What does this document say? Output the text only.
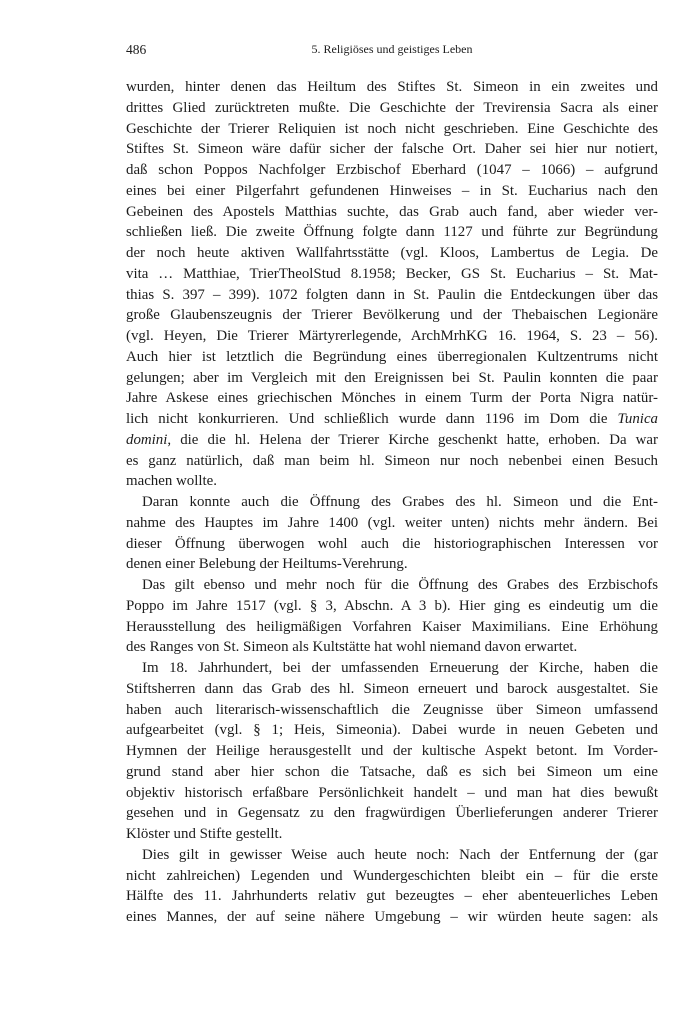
486	5. Religiöses und geistiges Leben

wurden, hinter denen das Heiltum des Stiftes St. Simeon in ein zweites und
drittes Glied zurücktreten mußte. Die Geschichte der Trevirensia Sacra als einer
Geschichte der Trierer Reliquien ist noch nicht geschrieben. Eine Geschichte des
Stiftes St. Simeon wäre dafür sicher der falsche Ort. Daher sei hier nur notiert,
daß schon Poppos Nachfolger Erzbischof Eberhard (1047 – 1066) – aufgrund
eines bei einer Pilgerfahrt gefundenen Hinweises – in St. Eucharius nach den
Gebeinen des Apostels Matthias suchte, das Grab auch fand, aber wieder ver-
schließen ließ. Die zweite Öffnung folgte dann 1127 und führte zur Begründung
der noch heute aktiven Wallfahrtsstätte (vgl. Kloos, Lambertus de Legia. De
vita … Matthiae, TrierTheolStud 8.1958; Becker, GS St. Eucharius – St. Mat-
thias S. 397 – 399). 1072 folgten dann in St. Paulin die Entdeckungen über das
große Glaubenszeugnis der Trierer Bevölkerung und der Thebaischen Legionäre
(vgl. Heyen, Die Trierer Märtyrerlegende, ArchMrhKG 16. 1964, S. 23 – 56).
Auch hier ist letztlich die Begründung eines überregionalen Kultzentrums nicht
gelungen; aber im Vergleich mit den Ereignissen bei St. Paulin konnten die paar
Jahre Askese eines griechischen Mönches in einem Turm der Porta Nigra natür-
lich nicht konkurrieren. Und schließlich wurde dann 1196 im Dom die Tunica
domini, die die hl. Helena der Trierer Kirche geschenkt hatte, erhoben. Da war
es ganz natürlich, daß man beim hl. Simeon nur noch nebenbei einen Besuch
machen wollte.

Daran konnte auch die Öffnung des Grabes des hl. Simeon und die Ent-
nahme des Hauptes im Jahre 1400 (vgl. weiter unten) nichts mehr ändern. Bei
dieser Öffnung überwogen wohl auch die historiographischen Interessen vor
denen einer Belebung der Heiltums-Verehrung.

Das gilt ebenso und mehr noch für die Öffnung des Grabes des Erzbischofs
Poppo im Jahre 1517 (vgl. § 3, Abschn. A 3 b). Hier ging es eindeutig um die
Herausstellung des heiligmäßigen Vorfahren Kaiser Maximilians. Eine Erhöhung
des Ranges von St. Simeon als Kultstätte hat wohl niemand davon erwartet.

Im 18. Jahrhundert, bei der umfassenden Erneuerung der Kirche, haben die
Stiftsherren dann das Grab des hl. Simeon erneuert und barock ausgestaltet. Sie
haben auch literarisch-wissenschaftlich die Zeugnisse über Simeon umfassend
aufgearbeitet (vgl. § 1; Heis, Simeonia). Dabei wurde in neuen Gebeten und
Hymnen der Heilige herausgestellt und der kultische Aspekt betont. Im Vorder-
grund stand aber hier schon die Tatsache, daß es sich bei Simeon um eine
objektiv historisch erfaßbare Persönlichkeit handelt – und man hat dies bewußt
gesehen und in Gegensatz zu den fragwürdigen Überlieferungen anderer Trierer
Klöster und Stifte gestellt.

Dies gilt in gewisser Weise auch heute noch: Nach der Entfernung der (gar
nicht zahlreichen) Legenden und Wundergeschichten bleibt ein – für die erste
Hälfte des 11. Jahrhunderts relativ gut bezeugtes – eher abenteuerliches Leben
eines Mannes, der auf seine nähere Umgebung – wir würden heute sagen: als
